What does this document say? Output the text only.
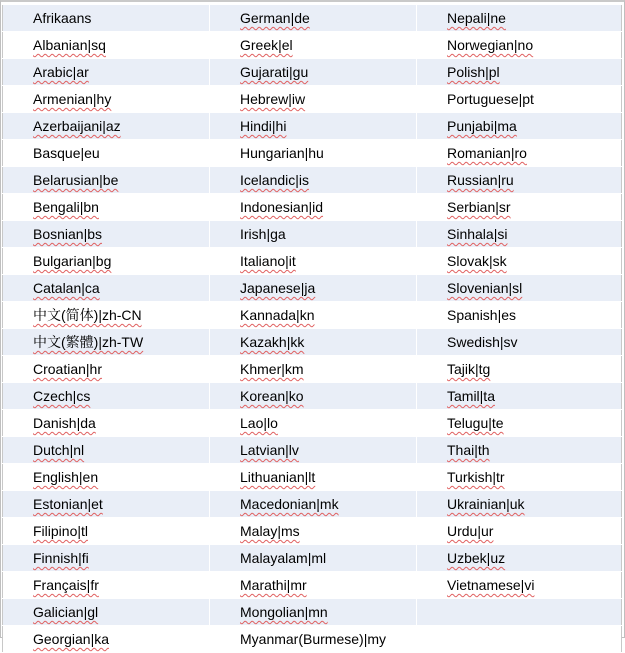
Afrikaans	German|de	Nepali|ne
Albanian|sq	Greek|el	Norwegian|no
Arabic|ar	Gujarati|gu	Polish|pl
Armenian|hy	Hebrew|iw	Portuguese|pt
Azerbaijani|az	Hindi|hi	Punjabi|ma
Basque|eu	Hungarian|hu	Romanian|ro
Belarusian|be	Icelandic|is	Russian|ru
Bengali|bn	Indonesian|id	Serbian|sr
Bosnian|bs	Irish|ga	Sinhala|si
Bulgarian|bg	Italiano|it	Slovak|sk
Catalan|ca	Japanese|ja	Slovenian|sl
中文(简体)|zh-CN	Kannada|kn	Spanish|es
中文(繁體)|zh-TW	Kazakh|kk	Swedish|sv
Croatian|hr	Khmer|km	Tajik|tg
Czech|cs	Korean|ko	Tamil|ta
Danish|da	Lao|lo	Telugu|te
Dutch|nl	Latvian|lv	Thai|th
English|en	Lithuanian|lt	Turkish|tr
Estonian|et	Macedonian|mk	Ukrainian|uk
Filipino|tl	Malay|ms	Urdu|ur
Finnish|fi	Malayalam|ml	Uzbek|uz
Français|fr	Marathi|mr	Vietnamese|vi
Galician|gl	Mongolian|mn	
Georgian|ka	Myanmar(Burmese)|my	
